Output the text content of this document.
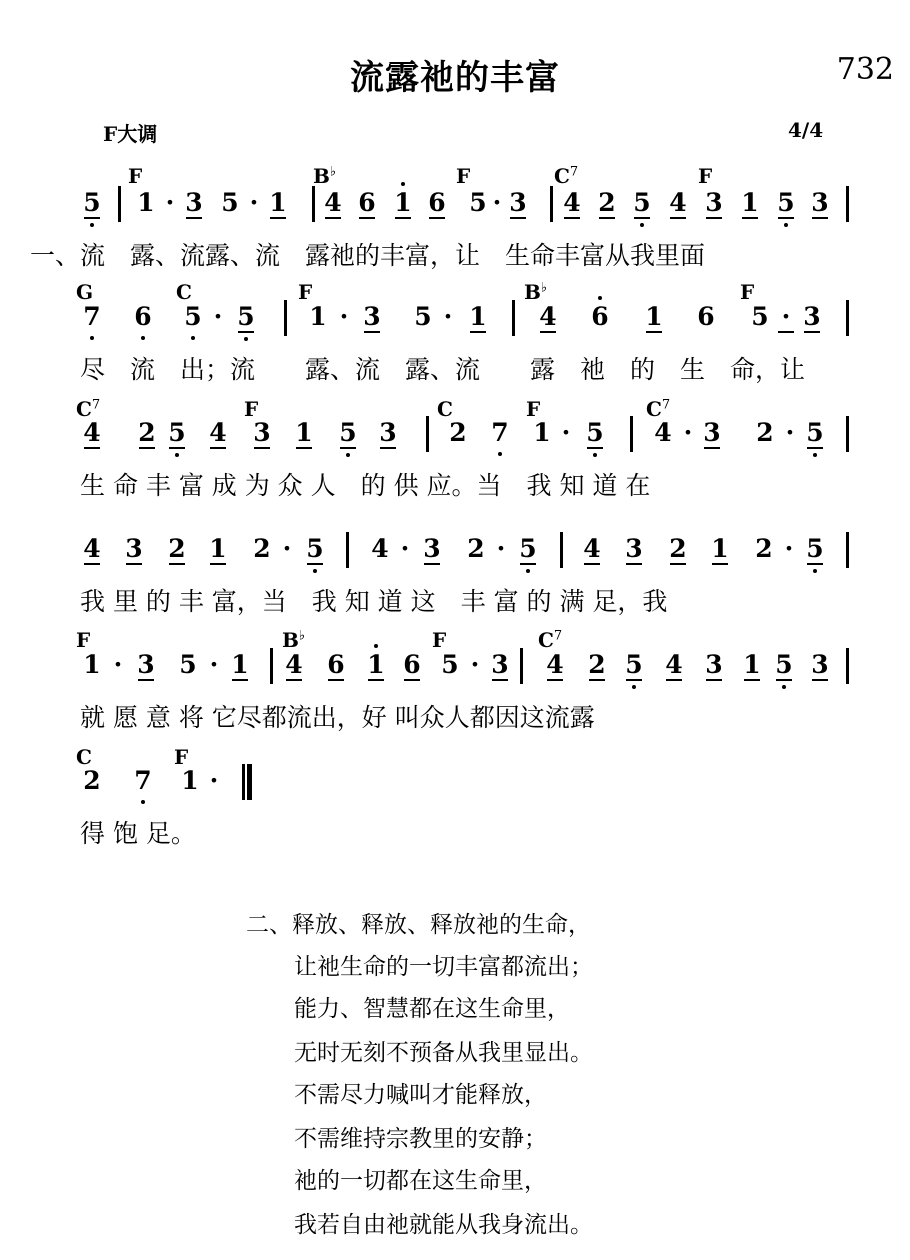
流露祂的丰富	732
F大调	4/4
5 1 · 3 5 · 1 4 6 1 6 5 · 3 4 2 5 4 3 1 5 3
F	B♭	F	$C^7$	F
7 6 5 · 5 1 · 3 5 · 1 4 6 1 6 5 · 3
G	C	F	B♭	F
4 2 5 4 3 1 5 3 2 7 1 · 5 4 · 3 2 · 5
$C^7$	F	C	F	$C^7$
4 3 2 1 2 · 5 4 · 3 2 · 5 4 3 2 1 2 · 5
1 · 3 5 · 1 4 6 1 6 5 · 3 4 2 5 4 3 1 5 3
F	B♭	F	$C^7$
2 7 1 ·
C	F
一、流　露、流露、流　露祂的丰富，让　生命丰富从我里面
尽　流　出；流　　露、流　露、流　　露　祂　的　生　命，让
生 命 丰 富 成 为 众 人　的 供 应。当　我 知 道 在
我 里 的 丰 富，当　我 知 道 这　丰 富 的 满 足，我
就 愿 意 将 它尽都流出，好 叫众人都因这流露
得 饱 足。
二、释放、释放、释放祂的生命，
让祂生命的一切丰富都流出；
能力、智慧都在这生命里，
无时无刻不预备从我里显出。
不需尽力喊叫才能释放，
不需维持宗教里的安静；
祂的一切都在这生命里，
我若自由祂就能从我身流出。
